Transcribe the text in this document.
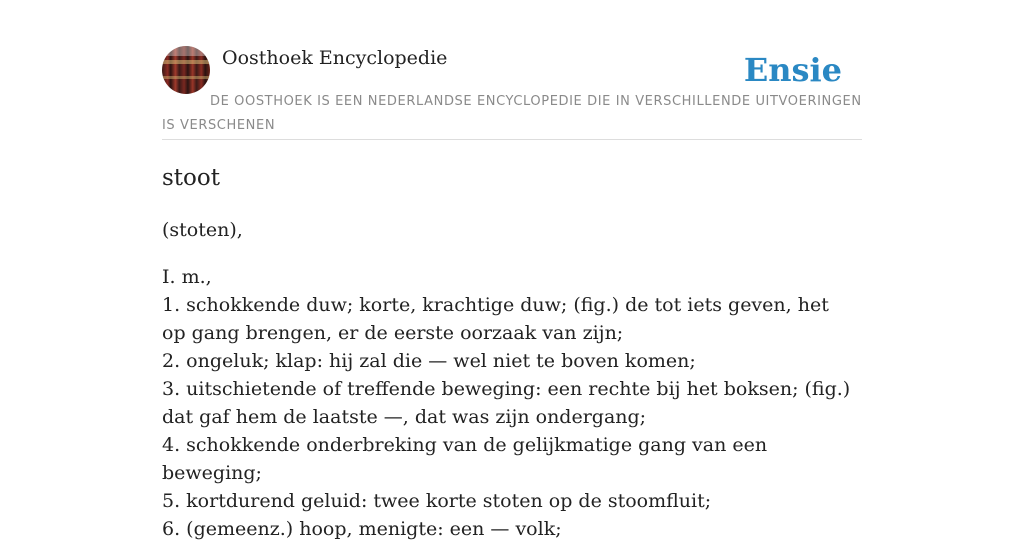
Oosthoek Encyclopedie	Ensie
DE OOSTHOEK IS EEN NEDERLANDSE ENCYCLOPEDIE DIE IN VERSCHILLENDE UITVOERINGEN IS VERSCHENEN
stoot

(stoten),

I. m.,

1. schokkende duw; korte, krachtige duw; (fig.) de tot iets geven, het op gang brengen, er de eerste oorzaak van zijn;

2. ongeluk; klap: hij zal die — wel niet te boven komen;

3. uitschietende of treffende beweging: een rechte bij het boksen; (fig.) dat gaf hem de laatste —, dat was zijn ondergang;

4. schokkende onderbreking van de gelijkmatige gang van een beweging;

5. kortdurend geluid: twee korte stoten op de stoomfluit;

6. (gemeenz.) hoop, menigte: een — volk;
